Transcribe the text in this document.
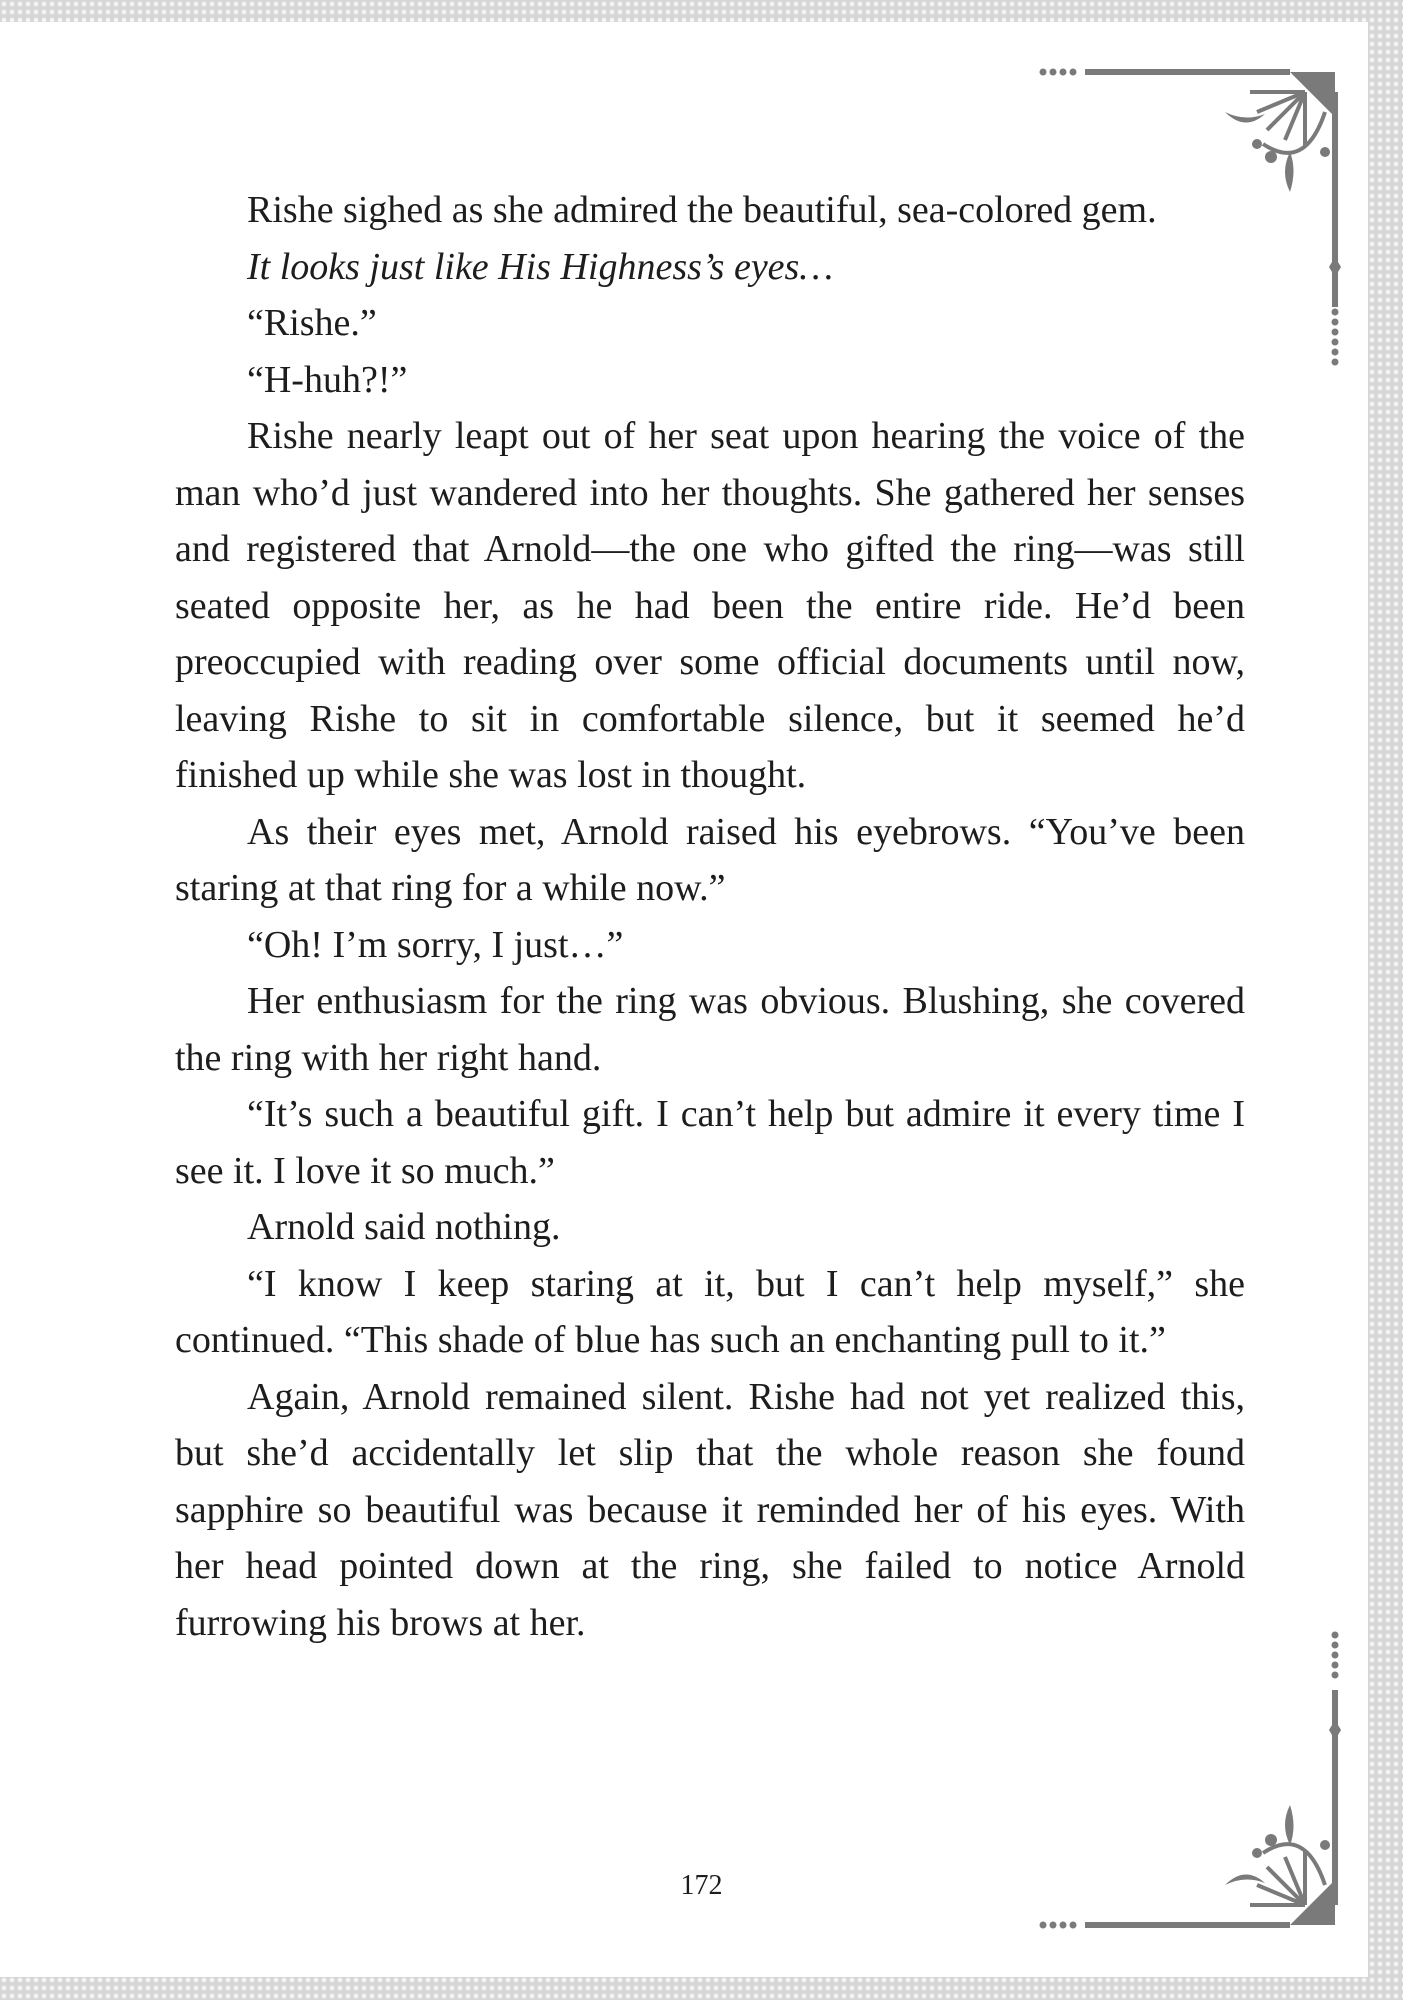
Rishe sighed as she admired the beautiful, sea-colored gem.

It looks just like His Highness’s eyes…

“Rishe.”

“H-huh?!”

Rishe nearly leapt out of her seat upon hearing the voice of the man who’d just wandered into her thoughts. She gathered her senses and registered that Arnold—the one who gifted the ring—was still seated opposite her, as he had been the entire ride. He’d been preoccupied with reading over some official documents until now, leaving Rishe to sit in comfortable silence, but it seemed he’d finished up while she was lost in thought.

As their eyes met, Arnold raised his eyebrows. “You’ve been staring at that ring for a while now.”

“Oh! I’m sorry, I just…”

Her enthusiasm for the ring was obvious. Blushing, she covered the ring with her right hand.

“It’s such a beautiful gift. I can’t help but admire it every time I see it. I love it so much.”

Arnold said nothing.

“I know I keep staring at it, but I can’t help myself,” she continued. “This shade of blue has such an enchanting pull to it.”

Again, Arnold remained silent. Rishe had not yet realized this, but she’d accidentally let slip that the whole reason she found sapphire so beautiful was because it reminded her of his eyes. With her head pointed down at the ring, she failed to notice Arnold furrowing his brows at her.

172
